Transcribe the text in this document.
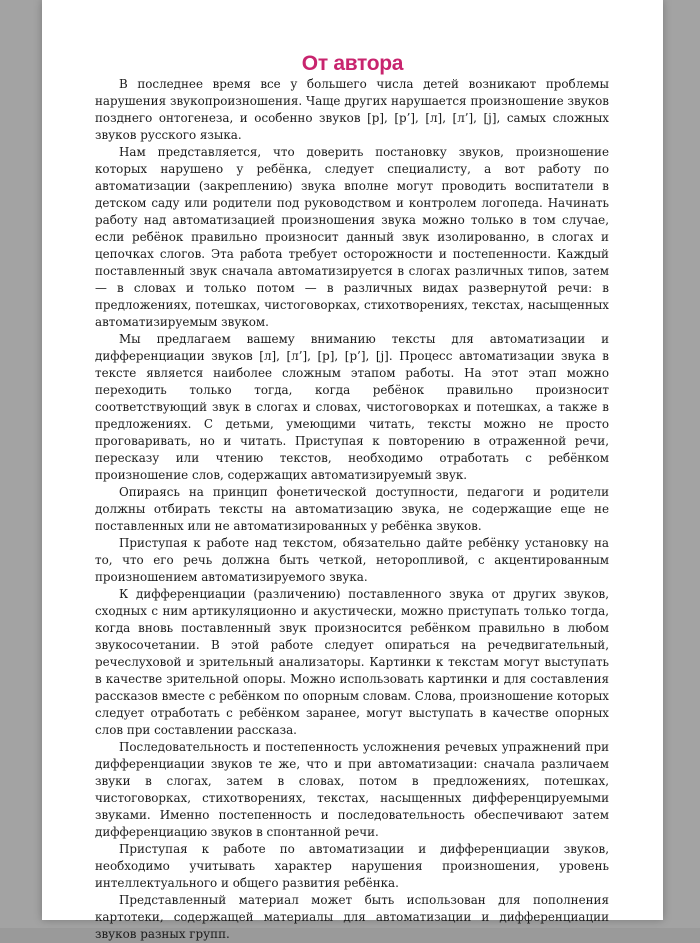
От автора

В последнее время все у большего числа детей возникают проблемы нарушения звукопроизношения. Чаще других нарушается произношение звуков позднего онтогенеза, и особенно звуков [р], [р’], [л], [л’], [j], самых сложных звуков русского языка.

Нам представляется, что доверить постановку звуков, произношение которых нарушено у ребёнка, следует специалисту, а вот работу по автоматизации (закреплению) звука вполне могут проводить воспитатели в детском саду или родители под руководством и контролем логопеда. Начинать работу над автоматизацией произношения звука можно только в том случае, если ребёнок правильно произносит данный звук изолированно, в слогах и цепочках слогов. Эта работа требует осторожности и постепенности. Каждый поставленный звук сначала автоматизируется в слогах различных типов, затем — в словах и только потом — в различных видах развернутой речи: в предложениях, потешках, чистоговорках, стихотворениях, текстах, насыщенных автоматизируемым звуком.

Мы предлагаем вашему вниманию тексты для автоматизации и дифференциации звуков [л], [л’], [р], [р’], [j]. Процесс автоматизации звука в тексте является наиболее сложным этапом работы. На этот этап можно переходить только тогда, когда ребёнок правильно произносит соответствующий звук в слогах и словах, чистоговорках и потешках, а также в предложениях. С детьми, умеющими читать, тексты можно не просто проговаривать, но и читать. Приступая к повторению в отраженной речи, пересказу или чтению текстов, необходимо отработать с ребёнком произношение слов, содержащих автоматизируемый звук.

Опираясь на принцип фонетической доступности, педагоги и родители должны отбирать тексты на автоматизацию звука, не содержащие еще не поставленных или не автоматизированных у ребёнка звуков.

Приступая к работе над текстом, обязательно дайте ребёнку установку на то, что его речь должна быть четкой, неторопливой, с акцентированным произношением автоматизируемого звука.

К дифференциации (различению) поставленного звука от других звуков, сходных с ним артикуляционно и акустически, можно приступать только тогда, когда вновь поставленный звук произносится ребёнком правильно в любом звукосочетании. В этой работе следует опираться на речедвигательный, речеслуховой и зрительный анализаторы. Картинки к текстам могут выступать в качестве зрительной опоры. Можно использовать картинки и для составления рассказов вместе с ребёнком по опорным словам. Слова, произношение которых следует отработать с ребёнком заранее, могут выступать в качестве опорных слов при составлении рассказа.

Последовательность и постепенность усложнения речевых упражнений при дифференциации звуков те же, что и при автоматизации: сначала различаем звуки в слогах, затем в словах, потом в предложениях, потешках, чистоговорках, стихотворениях, текстах, насыщенных дифференцируемыми звуками. Именно постепенность и последовательность обеспечивают затем дифференциацию звуков в спонтанной речи.

Приступая к работе по автоматизации и дифференциации звуков, необходимо учитывать характер нарушения произношения, уровень интеллектуального и общего развития ребёнка.

Представленный материал может быть использован для пополнения картотеки, содержащей материалы для автоматизации и дифференциации звуков разных групп.
